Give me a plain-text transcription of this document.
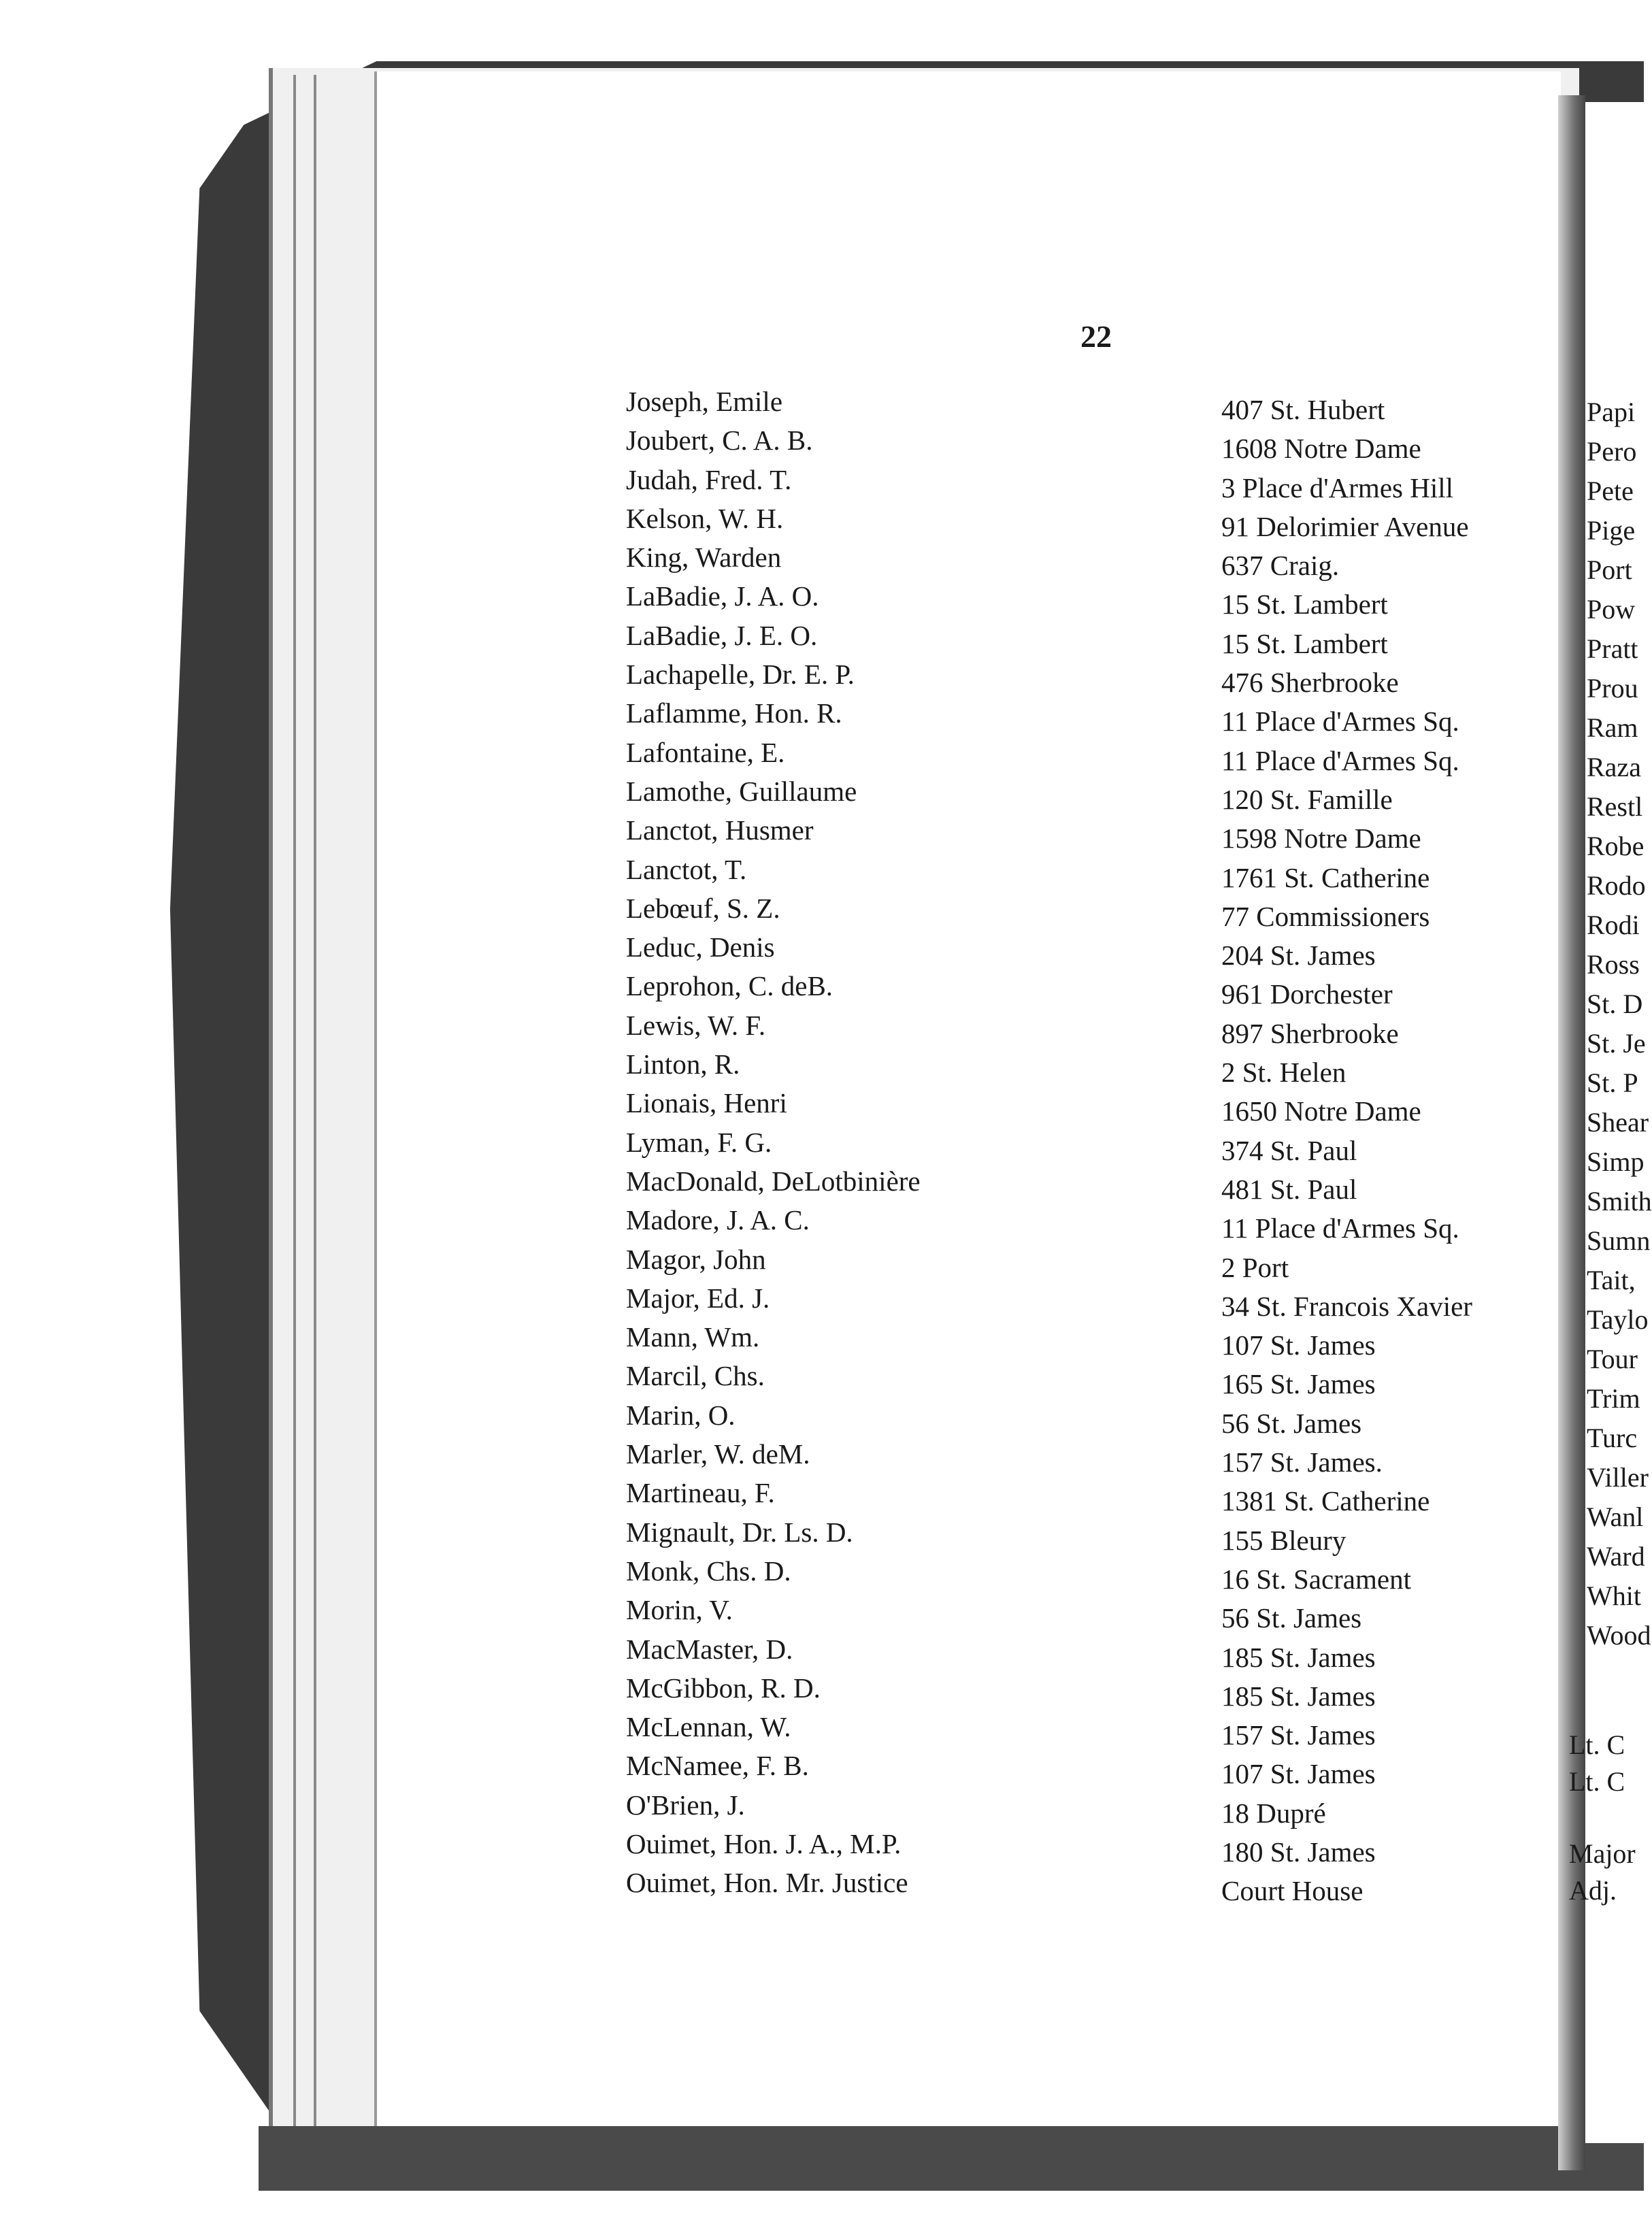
22
Joseph, Emile
Joubert, C. A. B.
Judah, Fred. T.
Kelson, W. H.
King, Warden
LaBadie, J. A. O.
LaBadie, J. E. O.
Lachapelle, Dr. E. P.
Laflamme, Hon. R.
Lafontaine, E.
Lamothe, Guillaume
Lanctot, Husmer
Lanctot, T.
Lebœuf, S. Z.
Leduc, Denis
Leprohon, C. deB.
Lewis, W. F.
Linton, R.
Lionais, Henri
Lyman, F. G.
MacDonald, DeLotbinière
Madore, J. A. C.
Magor, John
Major, Ed. J.
Mann, Wm.
Marcil, Chs.
Marin, O.
Marler, W. deM.
Martineau, F.
Mignault, Dr. Ls. D.
Monk, Chs. D.
Morin, V.
MacMaster, D.
McGibbon, R. D.
McLennan, W.
McNamee, F. B.
O'Brien, J.
Ouimet, Hon. J. A., M.P.
Ouimet, Hon. Mr. Justice
407 St. Hubert
1608 Notre Dame
3 Place d'Armes Hill
91 Delorimier Avenue
637 Craig.
15 St. Lambert
15 St. Lambert
476 Sherbrooke
11 Place d'Armes Sq.
11 Place d'Armes Sq.
120 St. Famille
1598 Notre Dame
1761 St. Catherine
77 Commissioners
204 St. James
961 Dorchester
897 Sherbrooke
2 St. Helen
1650 Notre Dame
374 St. Paul
481 St. Paul
11 Place d'Armes Sq.
2 Port
34 St. Francois Xavier
107 St. James
165 St. James
56 St. James
157 St. James.
1381 St. Catherine
155 Bleury
16 St. Sacrament
56 St. James
185 St. James
185 St. James
157 St. James
107 St. James
18 Dupré
180 St. James
Court House
Papi
Pero
Pete
Pige
Port
Pow
Pratt
Prou
Ram
Raza
Restl
Robe
Rodo
Rodi
Ross
St. D
St. Je
St. P
Shear
Simp
Smith
Sumn
Tait,
Taylo
Tour
Trim
Turc
Viller
Wanl
Ward
Whit
Wood
Lt. C
Lt. C
Major
Adj.
